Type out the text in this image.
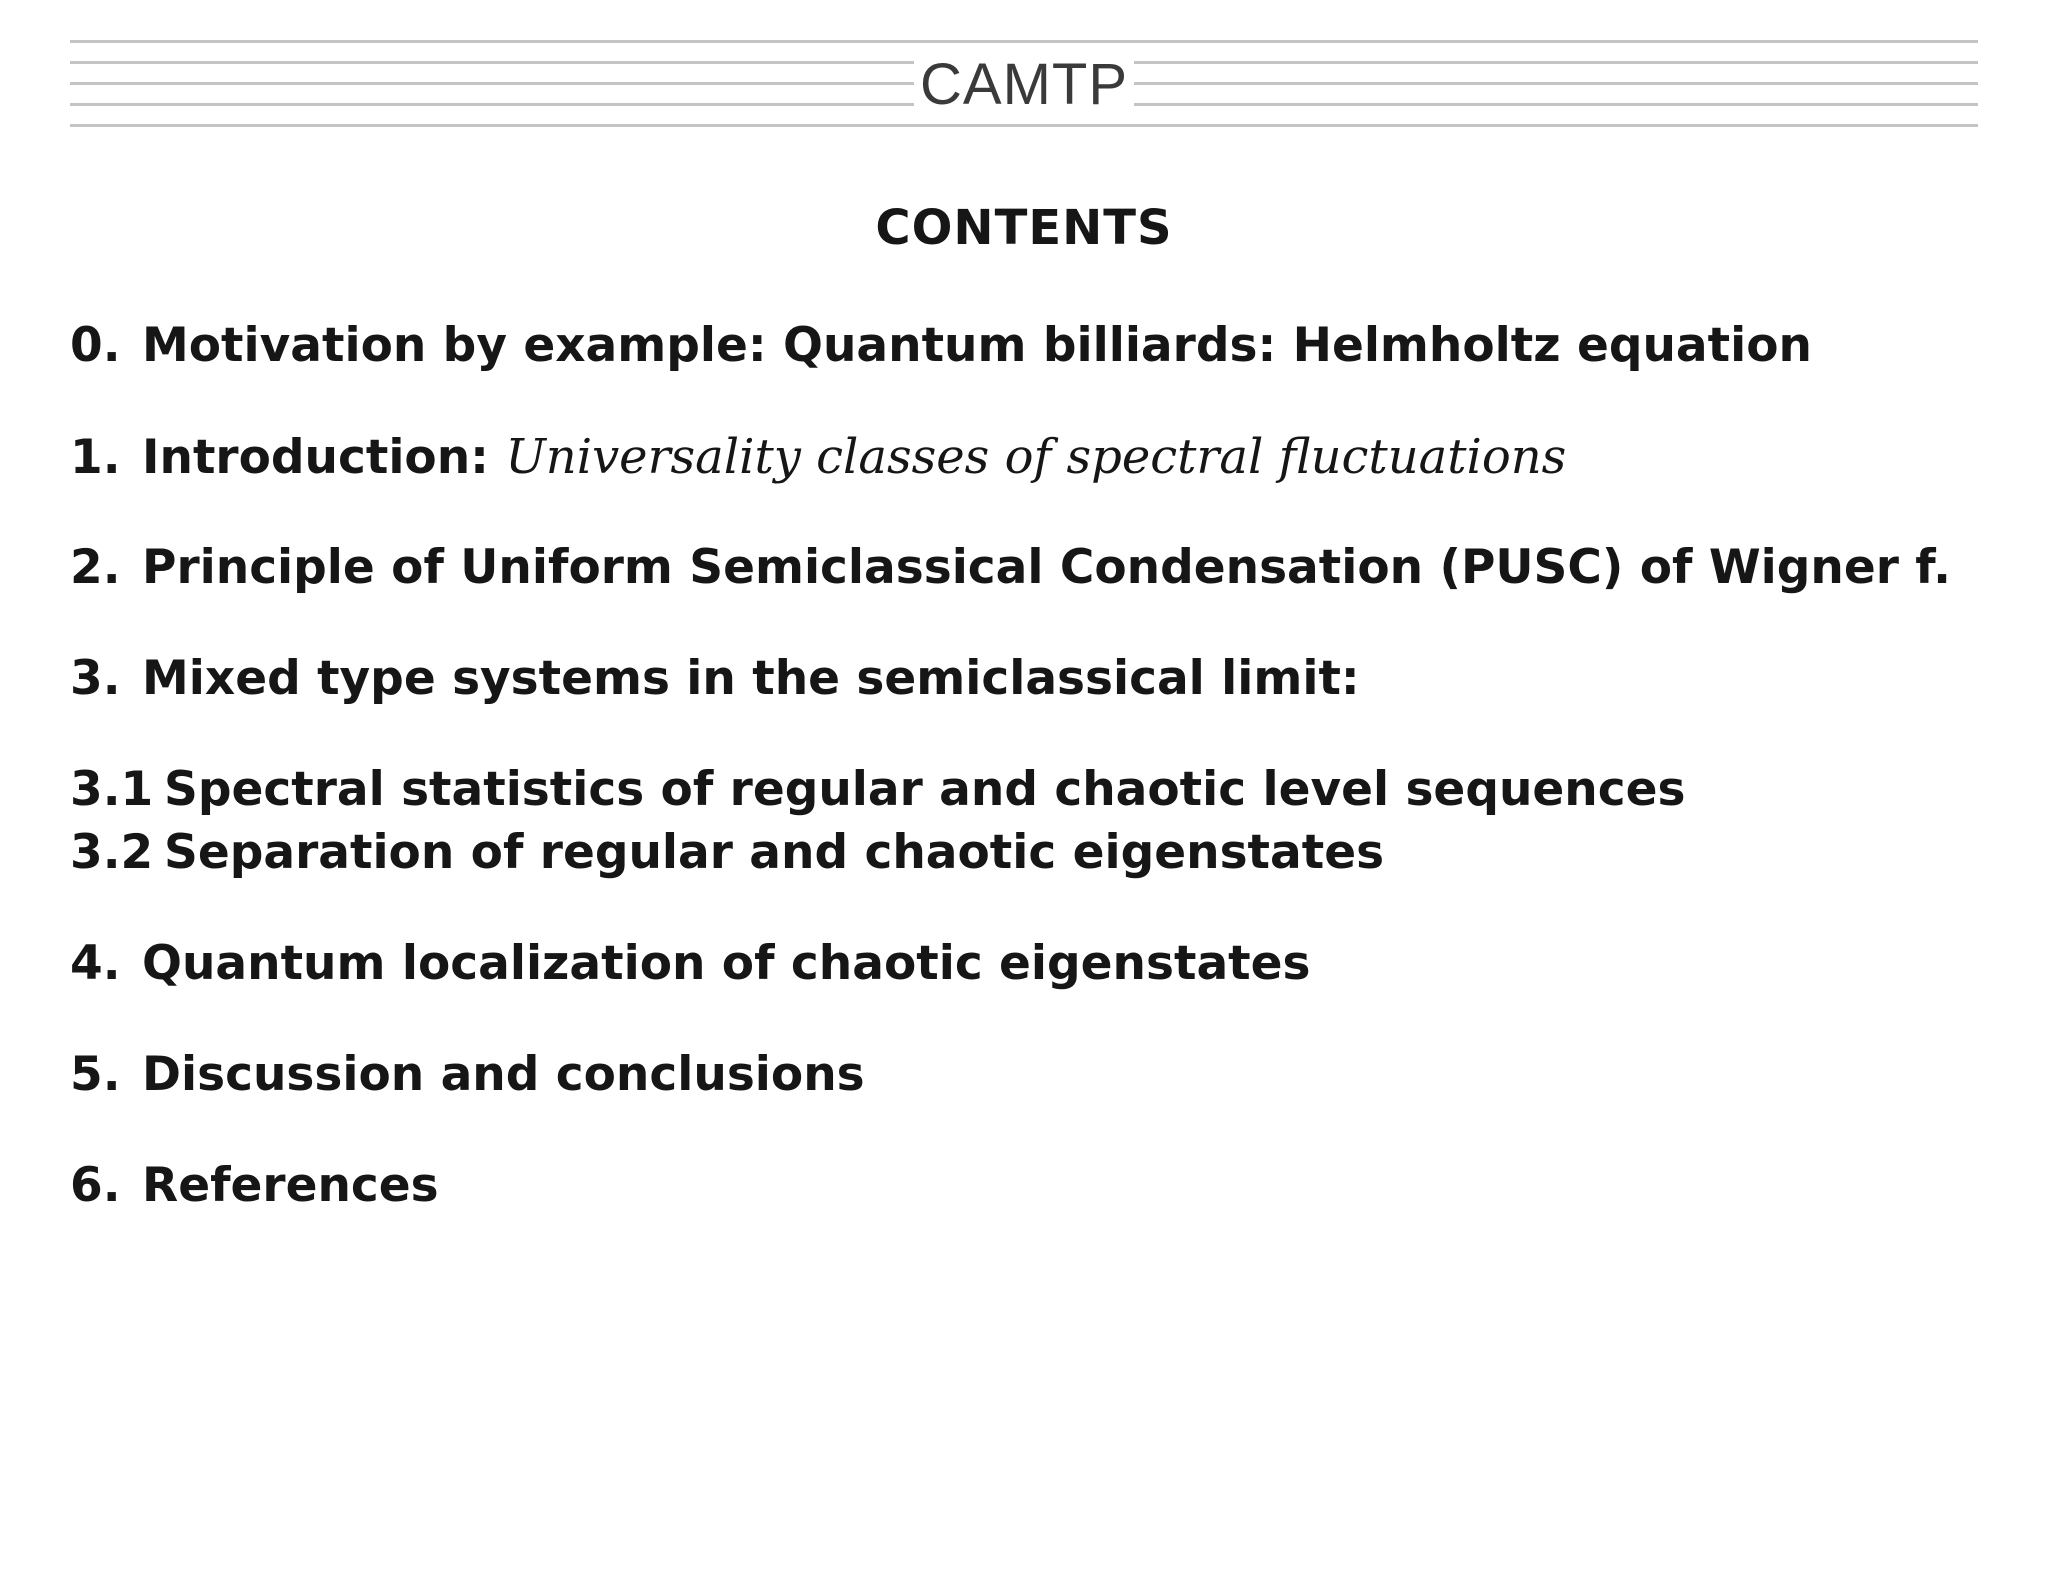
CAMTP
CONTENTS
0. Motivation by example: Quantum billiards: Helmholtz equation
1. Introduction: Universality classes of spectral fluctuations
2. Principle of Uniform Semiclassical Condensation (PUSC) of Wigner f.
3. Mixed type systems in the semiclassical limit:
3.1 Spectral statistics of regular and chaotic level sequences
3.2 Separation of regular and chaotic eigenstates
4. Quantum localization of chaotic eigenstates
5. Discussion and conclusions
6. References
